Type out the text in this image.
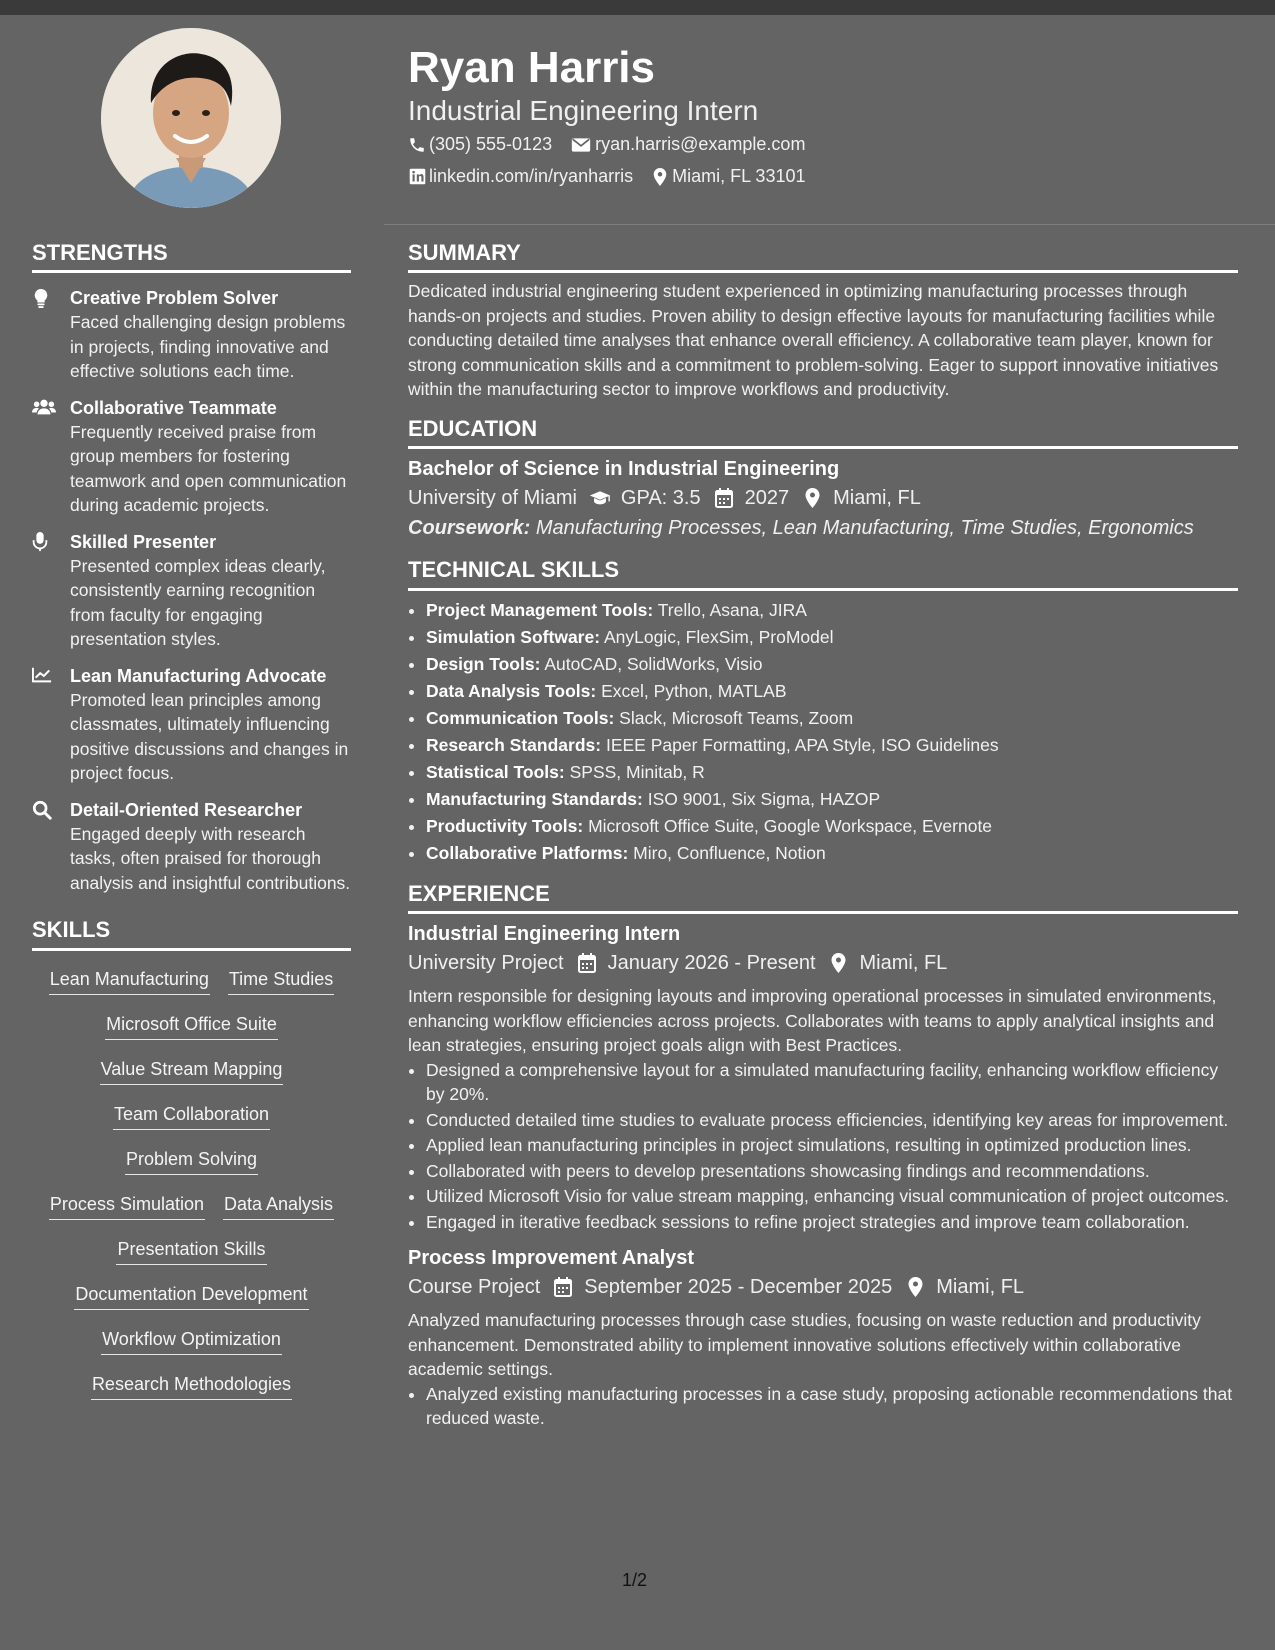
Ryan Harris
Industrial Engineering Intern
(305) 555-0123 ryan.harris@example.com
linkedin.com/in/ryanharris Miami, FL 33101
STRENGTHS
Creative Problem Solver
Faced challenging design problems in projects, finding innovative and effective solutions each time.
Collaborative Teammate
Frequently received praise from group members for fostering teamwork and open communication during academic projects.
Skilled Presenter
Presented complex ideas clearly, consistently earning recognition from faculty for engaging presentation styles.
Lean Manufacturing Advocate
Promoted lean principles among classmates, ultimately influencing positive discussions and changes in project focus.
Detail-Oriented Researcher
Engaged deeply with research tasks, often praised for thorough analysis and insightful contributions.
SKILLS
Lean Manufacturing Time Studies
Microsoft Office Suite
Value Stream Mapping
Team Collaboration
Problem Solving
Process Simulation Data Analysis
Presentation Skills
Documentation Development
Workflow Optimization
Research Methodologies
SUMMARY

Dedicated industrial engineering student experienced in optimizing manufacturing processes through hands-on projects and studies. Proven ability to design effective layouts for manufacturing facilities while conducting detailed time analyses that enhance overall efficiency. A collaborative team player, known for strong communication skills and a commitment to problem-solving. Eager to support innovative initiatives within the manufacturing sector to improve workflows and productivity.

EDUCATION
Bachelor of Science in Industrial Engineering
University of Miami GPA: 3.5 2027 Miami, FL
Coursework: Manufacturing Processes, Lean Manufacturing, Time Studies, Ergonomics
TECHNICAL SKILLS
• Project Management Tools: Trello, Asana, JIRA
• Simulation Software: AnyLogic, FlexSim, ProModel
• Design Tools: AutoCAD, SolidWorks, Visio
• Data Analysis Tools: Excel, Python, MATLAB
• Communication Tools: Slack, Microsoft Teams, Zoom
• Research Standards: IEEE Paper Formatting, APA Style, ISO Guidelines
• Statistical Tools: SPSS, Minitab, R
• Manufacturing Standards: ISO 9001, Six Sigma, HAZOP
• Productivity Tools: Microsoft Office Suite, Google Workspace, Evernote
• Collaborative Platforms: Miro, Confluence, Notion
EXPERIENCE
Industrial Engineering Intern
University Project January 2026 - Present Miami, FL

Intern responsible for designing layouts and improving operational processes in simulated environments, enhancing workflow efficiencies across projects. Collaborates with teams to apply analytical insights and lean strategies, ensuring project goals align with Best Practices.

• Designed a comprehensive layout for a simulated manufacturing facility, enhancing workflow efficiency by 20%.
• Conducted detailed time studies to evaluate process efficiencies, identifying key areas for improvement.
• Applied lean manufacturing principles in project simulations, resulting in optimized production lines.
• Collaborated with peers to develop presentations showcasing findings and recommendations.
• Utilized Microsoft Visio for value stream mapping, enhancing visual communication of project outcomes.
• Engaged in iterative feedback sessions to refine project strategies and improve team collaboration.
Process Improvement Analyst
Course Project September 2025 - December 2025 Miami, FL

Analyzed manufacturing processes through case studies, focusing on waste reduction and productivity enhancement. Demonstrated ability to implement innovative solutions effectively within collaborative academic settings.

• Analyzed existing manufacturing processes in a case study, proposing actionable recommendations that reduced waste.
1/2
